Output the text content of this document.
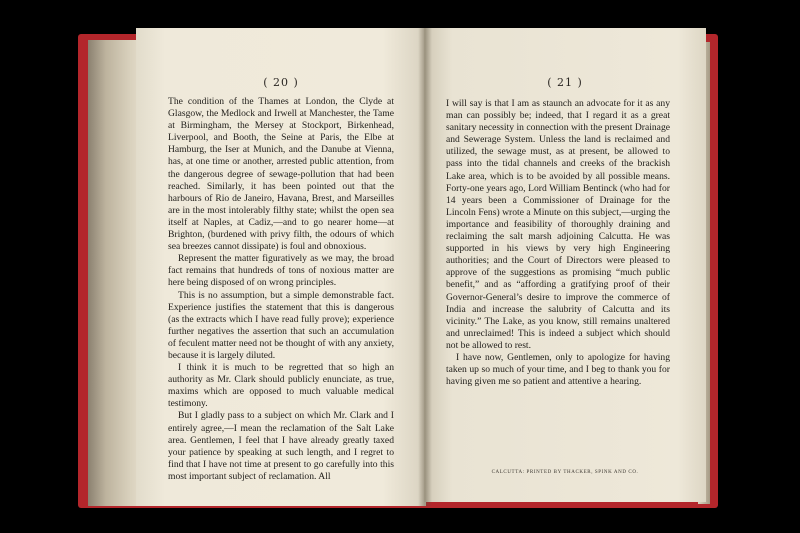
( 20 )

The condition of the Thames at London, the Clyde at Glasgow, the Medlock and Irwell at Manchester, the Tame at Birmingham, the Mersey at Stockport, Birkenhead, Liverpool, and Booth, the Seine at Paris, the Elbe at Hamburg, the Iser at Munich, and the Danube at Vienna, has, at one time or another, arrested public attention, from the dangerous degree of sewage-pollution that had been reached. Similarly, it has been pointed out that the harbours of Rio de Janeiro, Havana, Brest, and Marseilles are in the most intolerably filthy state; whilst the open sea itself at Naples, at Cadiz,—and to go nearer home—at Brighton, (burdened with privy filth, the odours of which sea breezes cannot dissipate) is foul and obnoxious.

Represent the matter figuratively as we may, the broad fact remains that hundreds of tons of noxious matter are here being disposed of on wrong principles.

This is no assumption, but a simple demonstrable fact. Experience justifies the statement that this is dangerous (as the extracts which I have read fully prove); experience further negatives the assertion that such an accumulation of feculent matter need not be thought of with any anxiety, because it is largely diluted.

I think it is much to be regretted that so high an authority as Mr. Clark should publicly enunciate, as true, maxims which are opposed to much valuable medical testimony.

But I gladly pass to a subject on which Mr. Clark and I entirely agree,—I mean the reclamation of the Salt Lake area. Gentlemen, I feel that I have already greatly taxed your patience by speaking at such length, and I regret to find that I have not time at present to go carefully into this most important subject of reclamation. All

( 21 )

I will say is that I am as staunch an advocate for it as any man can possibly be; indeed, that I regard it as a great sanitary necessity in connection with the present Drainage and Sewerage System. Unless the land is reclaimed and utilized, the sewage must, as at present, be allowed to pass into the tidal channels and creeks of the brackish Lake area, which is to be avoided by all possible means. Forty-one years ago, Lord William Bentinck (who had for 14 years been a Commissioner of Drainage for the Lincoln Fens) wrote a Minute on this subject,—urging the importance and feasibility of thoroughly draining and reclaiming the salt marsh adjoining Calcutta. He was supported in his views by very high Engineering authorities; and the Court of Directors were pleased to approve of the suggestions as promising “much public benefit,” and as “affording a gratifying proof of their Governor-General’s desire to improve the commerce of India and increase the salubrity of Calcutta and its vicinity.” The Lake, as you know, still remains unaltered and unreclaimed! This is indeed a subject which should not be allowed to rest.

I have now, Gentlemen, only to apologize for having taken up so much of your time, and I beg to thank you for having given me so patient and attentive a hearing.

CALCUTTA: PRINTED BY THACKER, SPINK AND CO.
